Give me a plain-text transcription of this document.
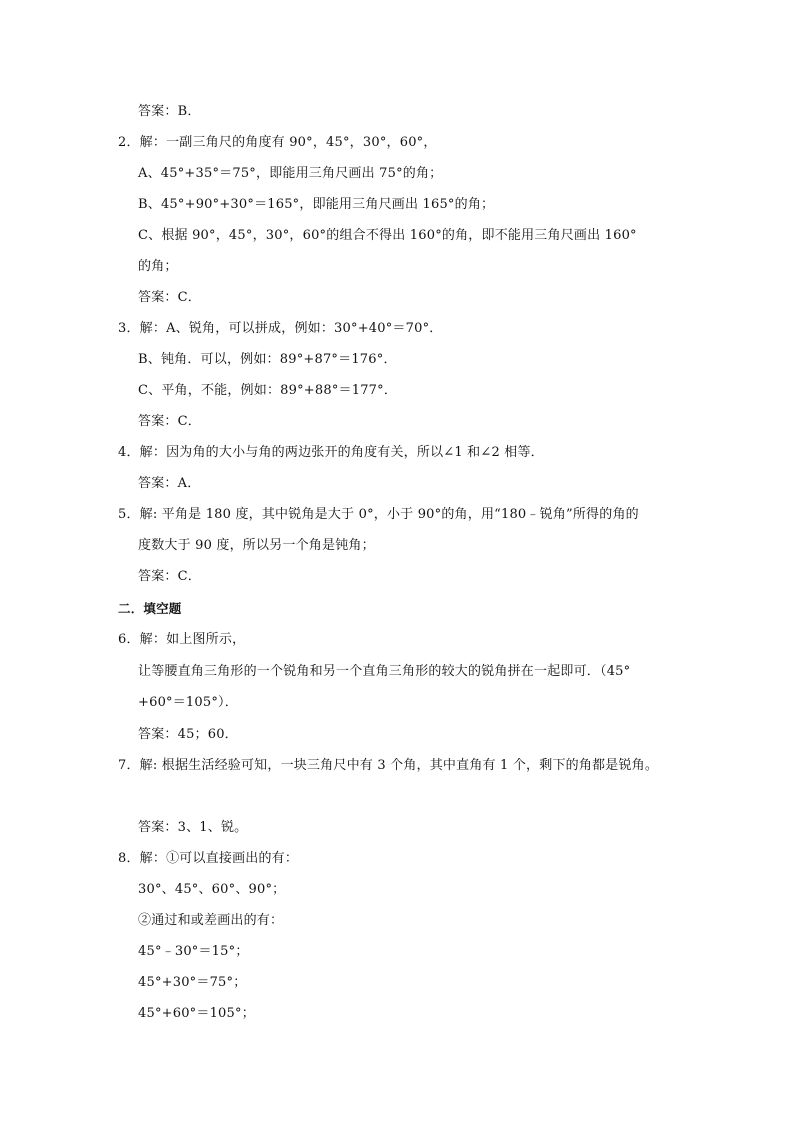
答案：B．
2．解：一副三角尺的角度有 90°，45°，30°，60°，
A、45°+35°＝75°，即能用三角尺画出 75°的角；
B、45°+90°+30°＝165°，即能用三角尺画出 165°的角；
C、根据 90°，45°，30°，60°的组合不得出 160°的角，即不能用三角尺画出 160°
的角；
答案：C．
3．解：A、锐角，可以拼成，例如：30°+40°＝70°．
B、钝角．可以，例如：89°+87°＝176°．
C、平角，不能，例如：89°+88°＝177°．
答案：C．
4．解：因为角的大小与角的两边张开的角度有关，所以∠1 和∠2 相等．
答案：A．
5．解: 平角是 180 度，其中锐角是大于 0°，小于 90°的角，用“180﹣锐角”所得的角的
度数大于 90 度，所以另一个角是钝角；
答案：C．
二．填空题
6．解：如上图所示，
让等腰直角三角形的一个锐角和另一个直角三角形的较大的锐角拼在一起即可．（45°
+60°＝105°）．
答案：45；60．
7．解: 根据生活经验可知，一块三角尺中有 3 个角，其中直角有 1 个，剩下的角都是锐角。
答案：3、1、锐。
8．解：①可以直接画出的有：
30°、45°、60°、90°；
②通过和或差画出的有：
45°﹣30°＝15°；
45°+30°＝75°；
45°+60°＝105°；
